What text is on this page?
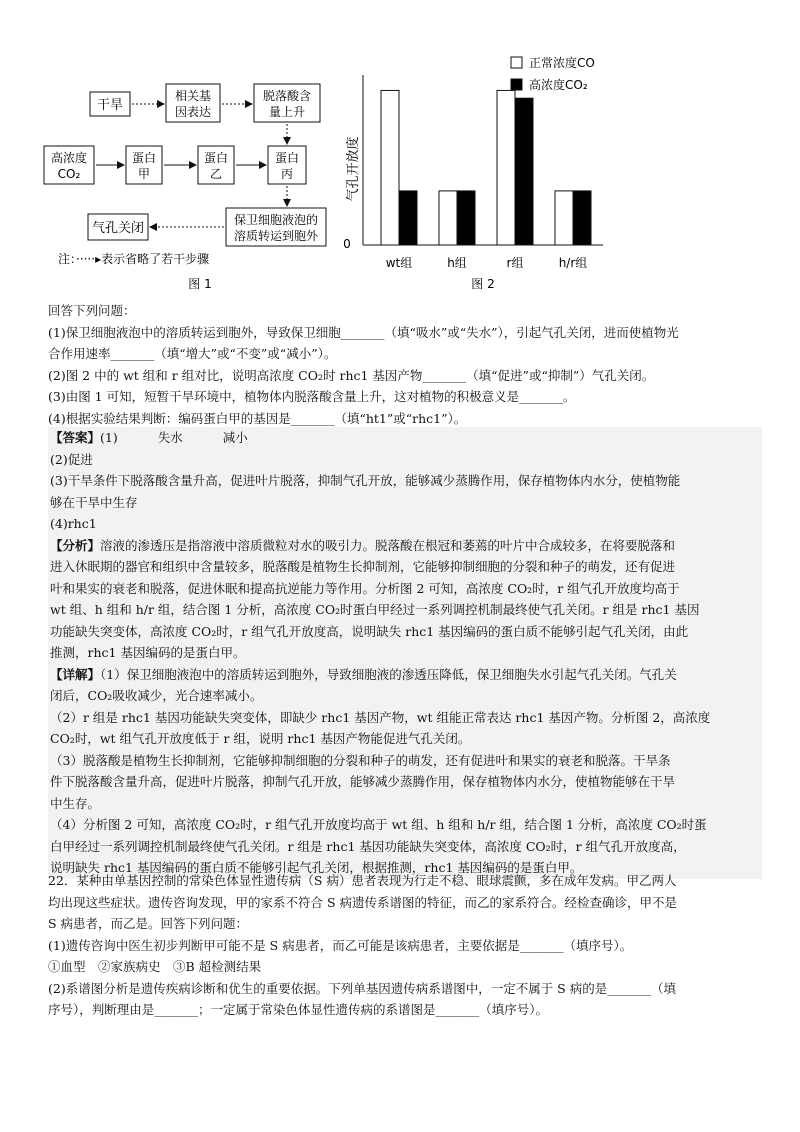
干旱
相关基
因表达
脱落酸含
量上升
高浓度
CO₂
蛋白
甲
蛋白
乙
蛋白
丙
保卫细胞液泡的
溶质转运到胞外
气孔关闭
注：·····▸表示省略了若干步骤
图 1
气孔开放度
0
wt组	h组	r组	h/r组
正常浓度CO
高浓度CO₂
图 2
回答下列问题：
(1)保卫细胞液泡中的溶质转运到胞外，导致保卫细胞_______（填“吸水”或“失水”），引起气孔关闭，进而使植物光
合作用速率_______（填“增大”或“不变”或“减小”）。
(2)图 2 中的 wt 组和 r 组对比，说明高浓度 CO₂时 rhc1 基因产物_______（填“促进”或“抑制”）气孔关闭。
(3)由图 1 可知，短暂干旱环境中，植物体内脱落酸含量上升，这对植物的积极意义是_______。
(4)根据实验结果判断：编码蛋白甲的基因是_______（填“ht1”或“rhc1”）。
【答案】(1)	失水	减小
(2)促进
(3)干旱条件下脱落酸含量升高，促进叶片脱落，抑制气孔开放，能够减少蒸腾作用，保存植物体内水分，使植物能
够在干旱中生存
(4)rhc1
【分析】溶液的渗透压是指溶液中溶质微粒对水的吸引力。脱落酸在根冠和萎蔫的叶片中合成较多，在将要脱落和
进入休眠期的器官和组织中含量较多，脱落酸是植物生长抑制剂，它能够抑制细胞的分裂和种子的萌发，还有促进
叶和果实的衰老和脱落，促进休眠和提高抗逆能力等作用。分析图 2 可知，高浓度 CO₂时，r 组气孔开放度均高于
wt 组、h 组和 h/r 组，结合图 1 分析，高浓度 CO₂时蛋白甲经过一系列调控机制最终使气孔关闭。r 组是 rhc1 基因
功能缺失突变体，高浓度 CO₂时，r 组气孔开放度高，说明缺失 rhc1 基因编码的蛋白质不能够引起气孔关闭，由此
推测，rhc1 基因编码的是蛋白甲。
【详解】（1）保卫细胞液泡中的溶质转运到胞外，导致细胞液的渗透压降低，保卫细胞失水引起气孔关闭。气孔关
闭后，CO₂吸收减少，光合速率减小。
（2）r 组是 rhc1 基因功能缺失突变体，即缺少 rhc1 基因产物，wt 组能正常表达 rhc1 基因产物。分析图 2，高浓度
CO₂时，wt 组气孔开放度低于 r 组，说明 rhc1 基因产物能促进气孔关闭。
（3）脱落酸是植物生长抑制剂，它能够抑制细胞的分裂和种子的萌发，还有促进叶和果实的衰老和脱落。干旱条
件下脱落酸含量升高，促进叶片脱落，抑制气孔开放，能够减少蒸腾作用，保存植物体内水分，使植物能够在干旱
中生存。
（4）分析图 2 可知，高浓度 CO₂时，r 组气孔开放度均高于 wt 组、h 组和 h/r 组，结合图 1 分析，高浓度 CO₂时蛋
白甲经过一系列调控机制最终使气孔关闭。r 组是 rhc1 基因功能缺失突变体，高浓度 CO₂时，r 组气孔开放度高，
说明缺失 rhc1 基因编码的蛋白质不能够引起气孔关闭，根据推测，rhc1 基因编码的是蛋白甲。
22．某种由单基因控制的常染色体显性遗传病（S 病）患者表现为行走不稳、眼球震颤，多在成年发病。甲乙两人
均出现这些症状。遗传咨询发现，甲的家系不符合 S 病遗传系谱图的特征，而乙的家系符合。经检查确诊，甲不是
S 病患者，而乙是。回答下列问题：
(1)遗传咨询中医生初步判断甲可能不是 S 病患者，而乙可能是该病患者，主要依据是_______（填序号）。
①血型　②家族病史　③B 超检测结果
(2)系谱图分析是遗传疾病诊断和优生的重要依据。下列单基因遗传病系谱图中，一定不属于 S 病的是_______（填
序号），判断理由是_______；一定属于常染色体显性遗传病的系谱图是_______（填序号）。
